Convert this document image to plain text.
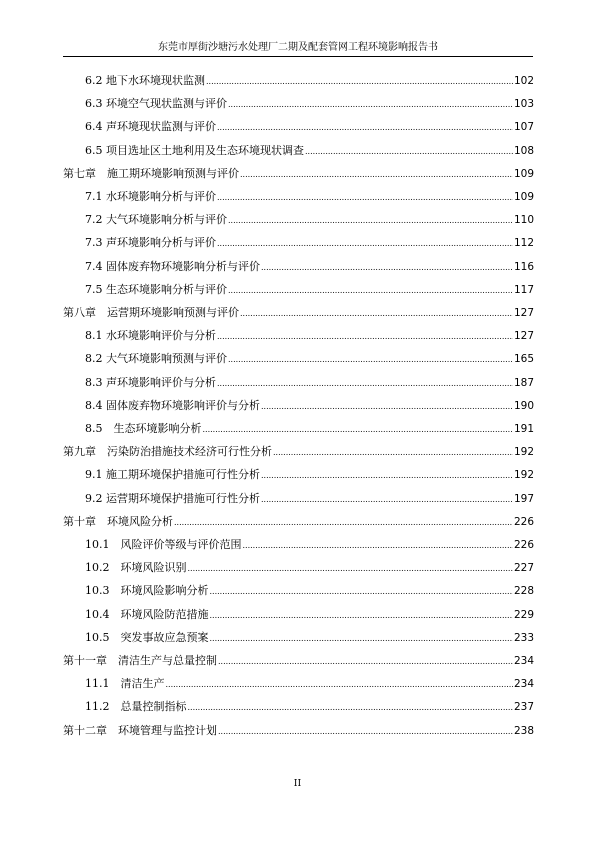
东莞市厚街沙塘污水处理厂二期及配套管网工程环境影响报告书
6.2 地下水环境现状监测 .....	102
6.3 环境空气现状监测与评价 .....	103
6.4 声环境现状监测与评价 .....	107
6.5 项目选址区土地利用及生态环境现状调查 .....	108
第七章　施工期环境影响预测与评价 .....	109
7.1 水环境影响分析与评价 .....	109
7.2 大气环境影响分析与评价 .....	110
7.3 声环境影响分析与评价 .....	112
7.4 固体废弃物环境影响分析与评价 .....	116
7.5 生态环境影响分析与评价 .....	117
第八章　运营期环境影响预测与评价 .....	127
8.1 水环境影响评价与分析 .....	127
8.2 大气环境影响预测与评价 .....	165
8.3 声环境影响评价与分析 .....	187
8.4 固体废弃物环境影响评价与分析 .....	190
8.5　生态环境影响分析 .....	191
第九章　污染防治措施技术经济可行性分析 .....	192
9.1 施工期环境保护措施可行性分析 .....	192
9.2 运营期环境保护措施可行性分析 .....	197
第十章　环境风险分析 .....	226
10.1　风险评价等级与评价范围 .....	226
10.2　环境风险识别 .....	227
10.3　环境风险影响分析 .....	228
10.4　环境风险防范措施 .....	229
10.5　突发事故应急预案 .....	233
第十一章　清洁生产与总量控制 .....	234
11.1　清洁生产 .....	234
11.2　总量控制指标 .....	237
第十二章　环境管理与监控计划 .....	238
II
